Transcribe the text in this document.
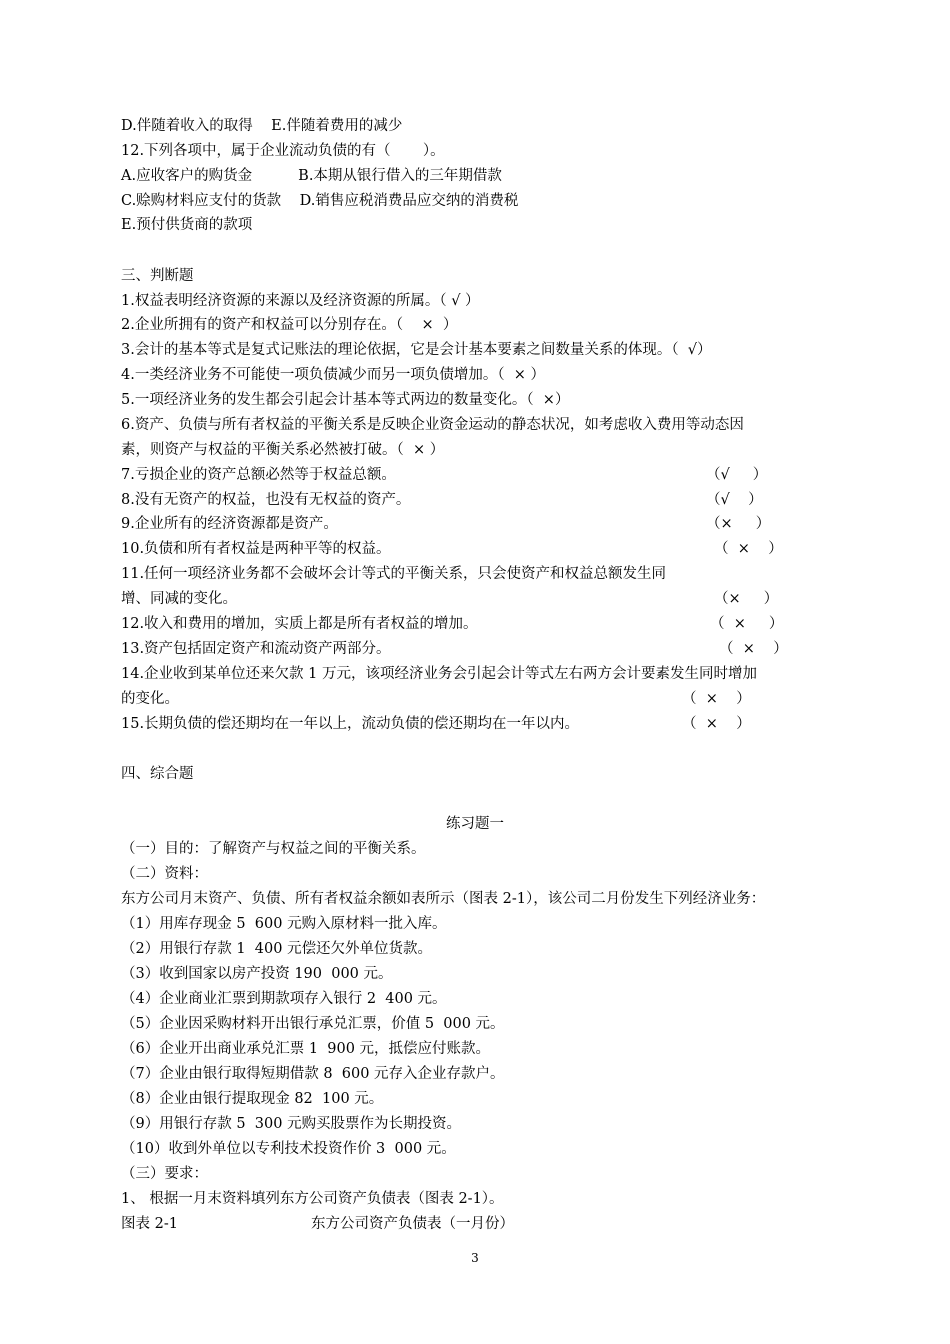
D.伴随着收入的取得    E.伴随着费用的减少
12.下列各项中，属于企业流动负债的有（       ）。
A.应收客户的购货金          B.本期从银行借入的三年期借款
C.赊购材料应支付的货款    D.销售应税消费品应交纳的消费税
E.预付供货商的款项
三、判断题
1.权益表明经济资源的来源以及经济资源的所属。（ √ ）
2.企业所拥有的资产和权益可以分别存在。（    ×  ）
3.会计的基本等式是复式记账法的理论依据，它是会计基本要素之间数量关系的体现。（  √）
4.一类经济业务不可能使一项负债减少而另一项负债增加。（  × ）
5.一项经济业务的发生都会引起会计基本等式两边的数量变化。（  ×）
6.资产、负债与所有者权益的平衡关系是反映企业资金运动的静态状况，如考虑收入费用等动态因
素，则资产与权益的平衡关系必然被打破。（  × ）
7.亏损企业的资产总额必然等于权益总额。	（√     ）
8.没有无资产的权益，也没有无权益的资产。	（√    ）
9.企业所有的经济资源都是资产。	（×     ）
10.负债和所有者权益是两种平等的权益。	（  ×    ）
11.任何一项经济业务都不会破坏会计等式的平衡关系，只会使资产和权益总额发生同
增、同减的变化。	（×     ）
12.收入和费用的增加，实质上都是所有者权益的增加。	（  ×     ）
13.资产包括固定资产和流动资产两部分。	（  ×    ）
14.企业收到某单位还来欠款 1 万元，该项经济业务会引起会计等式左右两方会计要素发生同时增加
的变化。	（  ×    ）
15.长期负债的偿还期均在一年以上，流动负债的偿还期均在一年以内。	（  ×    ）
四、综合题
练习题一
（一）目的：了解资产与权益之间的平衡关系。
（二）资料：
东方公司月末资产、负债、所有者权益余额如表所示（图表 2-1），该公司二月份发生下列经济业务：
（1）用库存现金 5  600 元购入原材料一批入库。
（2）用银行存款 1  400 元偿还欠外单位货款。
（3）收到国家以房产投资 190  000 元。
（4）企业商业汇票到期款项存入银行 2  400 元。
（5）企业因采购材料开出银行承兑汇票，价值 5  000 元。
（6）企业开出商业承兑汇票 1  900 元，抵偿应付账款。
（7）企业由银行取得短期借款 8  600 元存入企业存款户。
（8）企业由银行提取现金 82  100 元。
（9）用银行存款 5  300 元购买股票作为长期投资。
（10）收到外单位以专利技术投资作价 3  000 元。
（三）要求：
1、 根据一月末资料填列东方公司资产负债表（图表 2-1）。
图表 2-1	东方公司资产负债表（一月份）
3
